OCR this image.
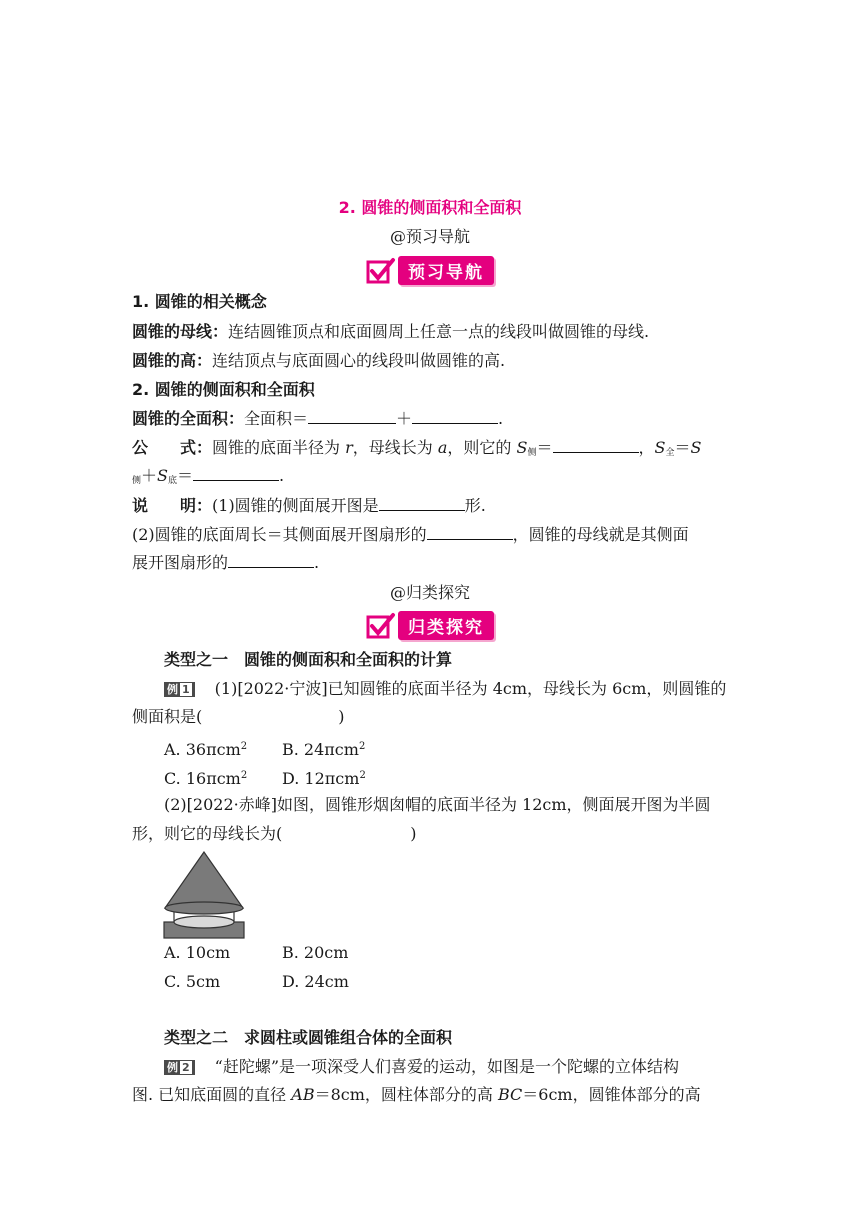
2. 圆锥的侧面积和全面积
@预习导航
预习导航
1. 圆锥的相关概念
圆锥的母线：连结圆锥顶点和底面圆周上任意一点的线段叫做圆锥的母线.
圆锥的高：连结顶点与底面圆心的线段叫做圆锥的高.
2. 圆锥的侧面积和全面积
圆锥的全面积：全面积＝	＋	.
公　　式：圆锥的底面半径为 r，母线长为 a，则它的 $S_侧=$	，$S_全=S$
$_侧+S_底=$	.
说　　明：(1)圆锥的侧面展开图是	形.
(2)圆锥的底面周长＝其侧面展开图扇形的	，圆锥的母线就是其侧面
展开图扇形的	.
@归类探究
归类探究
类型之一　圆锥的侧面积和全面积的计算
例 1　(1)[2022·宁波]已知圆锥的底面半径为 4cm，母线长为 6cm，则圆锥的
侧面积是(	)
A. 36πcm$^2$ B. 24πcm$^2$
C. 16πcm$^2$ D. 12πcm$^2$
(2)[2022·赤峰]如图，圆锥形烟囱帽的底面半径为 12cm，侧面展开图为半圆
形，则它的母线长为(	)
A. 10cm	B. 20cm
C. 5cm	D. 24cm
类型之二　求圆柱或圆锥组合体的全面积
例 2　“赶陀螺”是一项深受人们喜爱的运动，如图是一个陀螺的立体结构
图. 已知底面圆的直径 AB＝8cm，圆柱体部分的高 BC＝6cm，圆锥体部分的高
